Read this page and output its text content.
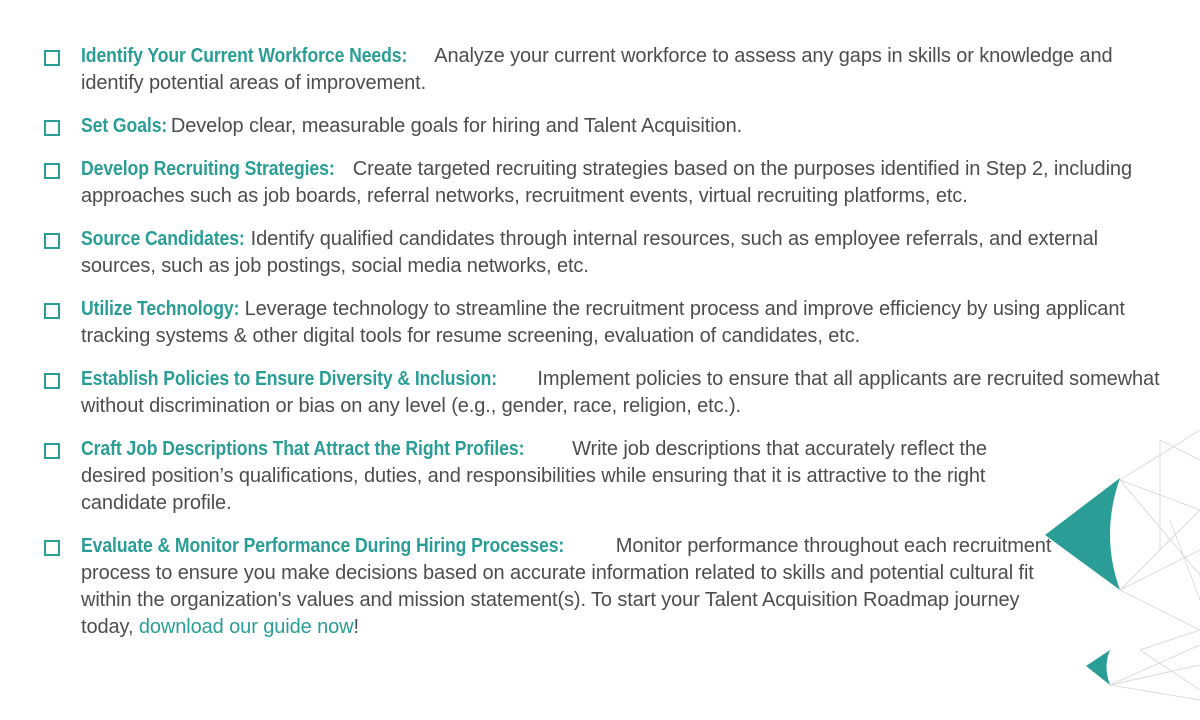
Identify Your Current Workforce Needs: Analyze your current workforce to assess any gaps in skills or knowledge and identify potential areas of improvement.
Set Goals: Develop clear, measurable goals for hiring and Talent Acquisition.
Develop Recruiting Strategies: Create targeted recruiting strategies based on the purposes identified in Step 2, including approaches such as job boards, referral networks, recruitment events, virtual recruiting platforms, etc.
Source Candidates: Identify qualified candidates through internal resources, such as employee referrals, and external sources, such as job postings, social media networks, etc.
Utilize Technology: Leverage technology to streamline the recruitment process and improve efficiency by using applicant tracking systems & other digital tools for resume screening, evaluation of candidates, etc.
Establish Policies to Ensure Diversity & Inclusion: Implement policies to ensure that all applicants are recruited somewhat without discrimination or bias on any level (e.g., gender, race, religion, etc.).
Craft Job Descriptions That Attract the Right Profiles: Write job descriptions that accurately reflect the desired position’s qualifications, duties, and responsibilities while ensuring that it is attractive to the right candidate profile.
Evaluate & Monitor Performance During Hiring Processes:	Monitor performance throughout each recruitment process to ensure you make decisions based on accurate information related to skills and potential cultural fit within the organization's values and mission statement(s). To start your Talent Acquisition Roadmap journey today, download our guide now!
